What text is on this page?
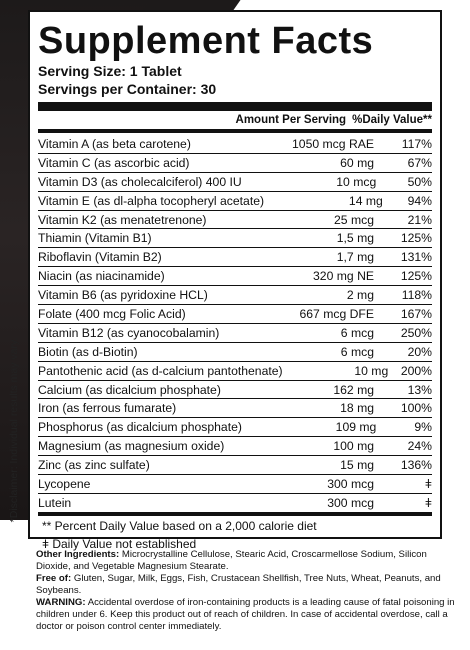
*Disclaimer: Individual results may vary.
Supplement Facts
Serving Size: 1 Tablet
Servings per Container: 30
Amount Per Serving %Daily Value**
Vitamin A (as beta carotene)	1050 mcg RAE	117%
Vitamin C (as ascorbic acid)	60 mg	67%
Vitamin D3 (as cholecalciferol) 400 IU	10 mcg	50%
Vitamin E (as dl-alpha tocopheryl acetate)	14 mg	94%
Vitamin K2 (as menatetrenone)	25 mcg	21%
Thiamin (Vitamin B1)	1,5 mg	125%
Riboflavin (Vitamin B2)	1,7 mg	131%
Niacin (as niacinamide)	320 mg NE	125%
Vitamin B6 (as pyridoxine HCL)	2 mg	118%
Folate (400 mcg Folic Acid)	667 mcg DFE	167%
Vitamin B12 (as cyanocobalamin)	6 mcg	250%
Biotin (as d-Biotin)	6 mcg	20%
Pantothenic acid (as d-calcium pantothenate)	10 mg	200%
Calcium (as dicalcium phosphate)	162 mg	13%
Iron (as ferrous fumarate)	18 mg	100%
Phosphorus (as dicalcium phosphate)	109 mg	9%
Magnesium (as magnesium oxide)	100 mg	24%
Zinc (as zinc sulfate)	15 mg	136%
Lycopene	300 mcg	ǂ
Lutein	300 mcg	ǂ
** Percent Daily Value based on a 2,000 calorie diet
ǂ Daily Value not established
Other Ingredients: Microcrystalline Cellulose, Stearic Acid, Croscarmellose Sodium, Silicon Dioxide, and Vegetable Magnesium Stearate.
Free of: Gluten, Sugar, Milk, Eggs, Fish, Crustacean Shellfish, Tree Nuts, Wheat, Peanuts, and Soybeans.
WARNING: Accidental overdose of iron-containing products is a leading cause of fatal poisoning in children under 6. Keep this product out of reach of children. In case of accidental overdose, call a doctor or poison control center immediately.
